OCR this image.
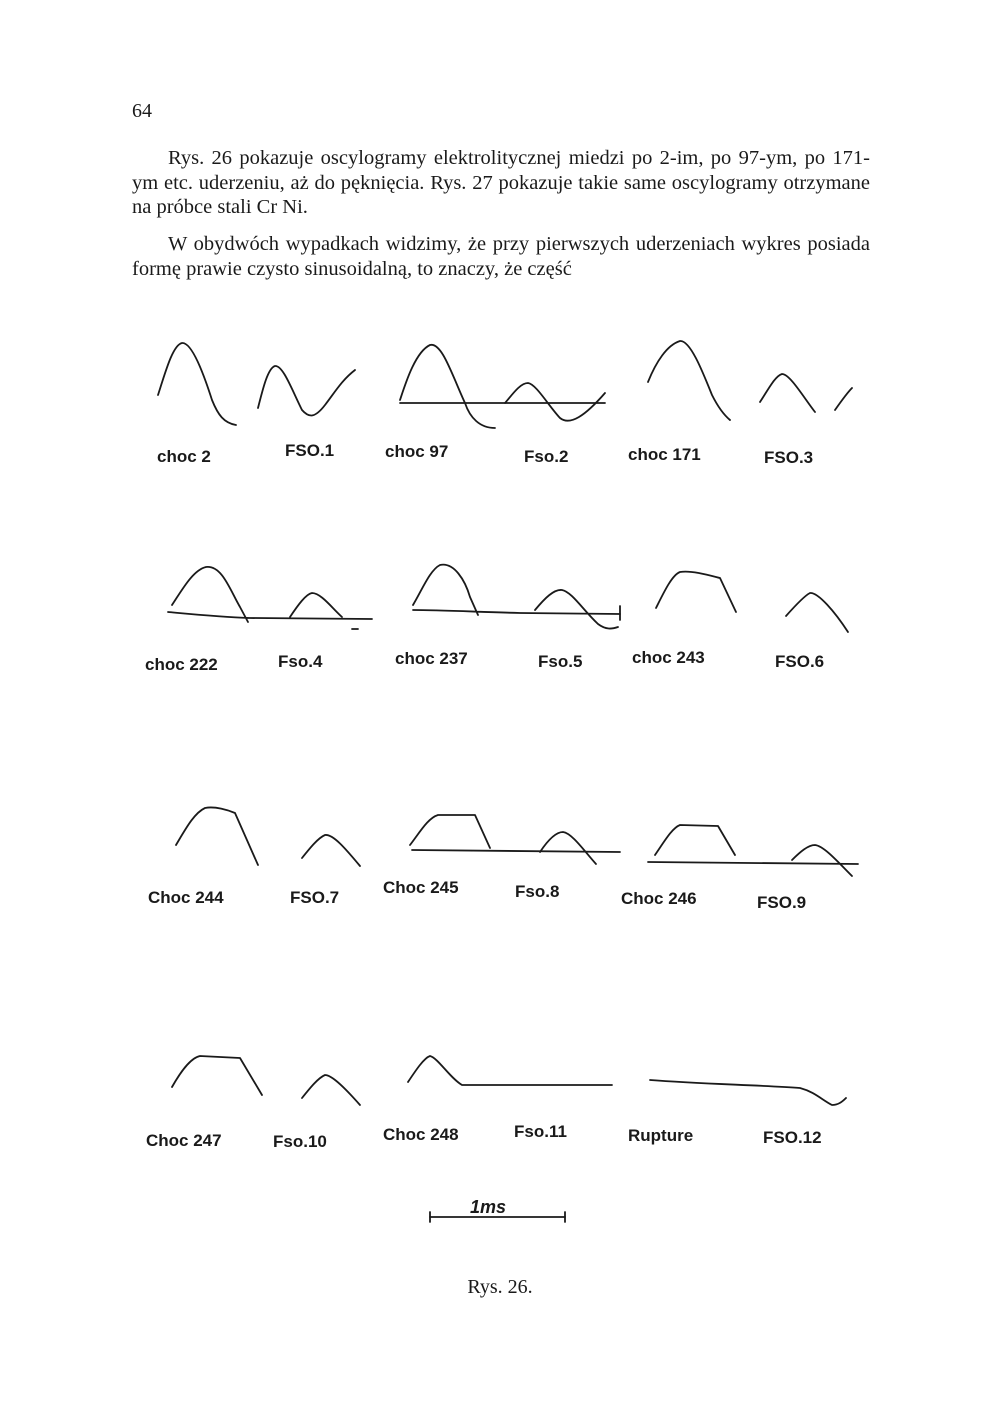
64

Rys. 26 pokazuje oscylogramy elektrolitycznej miedzi po 2-im, po 97-ym, po 171-ym etc. uderzeniu, aż do pęknięcia. Rys. 27 pokazuje takie same oscylogramy otrzymane na próbce stali Cr Ni.

W obydwóch wypadkach widzimy, że przy pierwszych uderzeniach wykres posiada formę prawie czysto sinusoidalną, to znaczy, że część

choc 2	FSO.1	choc 97	Fso.2	choc 171	FSO.3
choc 222	Fso.4	choc 237	Fso.5	choc 243	FSO.6
Choc 244	FSO.7
Choc 245	Fso.8	Choc 246	FSO.9
Choc 247	Fso.10	Choc 248	Fso.11	Rupture	FSO.12
1ms
Rys. 26.
